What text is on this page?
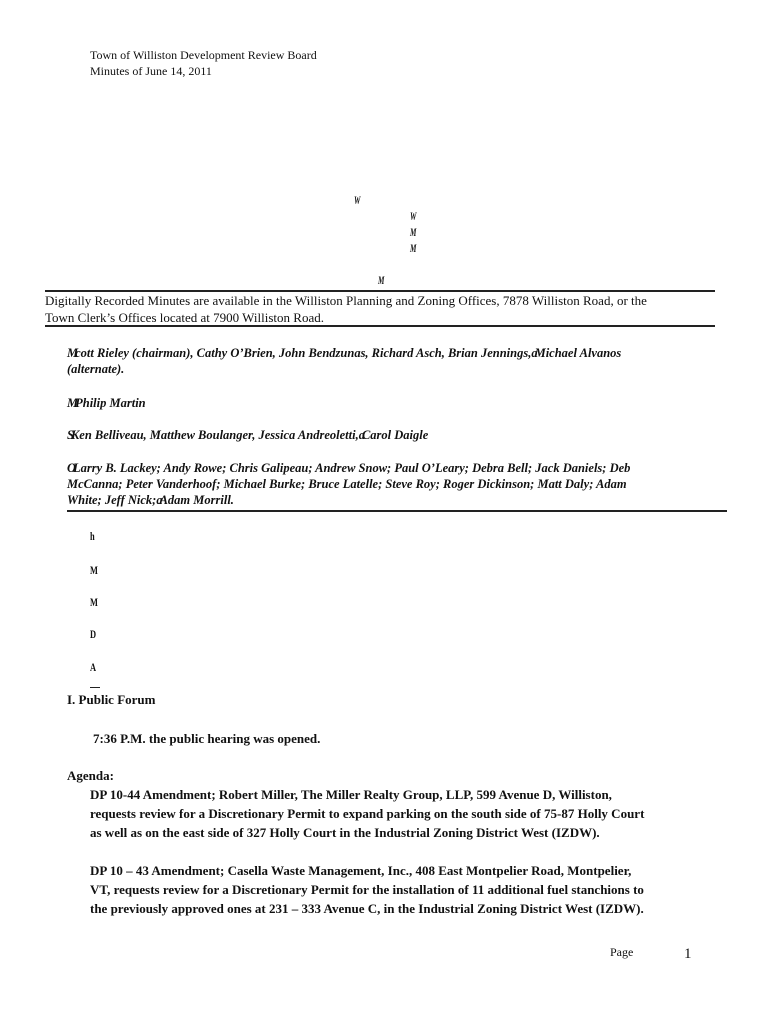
Town of Williston Development Review Board
Minutes of June 14, 2011
W
W
M
M
M
Digitally Recorded Minutes are available in the Williston Planning and Zoning Offices, 7878 Williston Road, or the
Town Clerk’s Offices located at 7900 Williston Road.
Mcott Rieley (chairman), Cathy O’Brien, John Bendzunas, Richard Asch, Brian Jennings,aMichael Alvanos
(alternate).
MPhilip Martin
SKen Belliveau, Matthew Boulanger, Jessica Andreoletti,aCarol Daigle
OLarry B. Lackey; Andy Rowe; Chris Galipeau; Andrew Snow; Paul O’Leary; Debra Bell; Jack Daniels; Deb
McCanna; Peter Vanderhoof; Michael Burke; Bruce Latelle; Steve Roy; Roger Dickinson; Matt Daly; Adam
White; Jeff Nick;aAdam Morrill.
h
M
M
D
A
I. Public Forum
7:36 P.M. the public hearing was opened.
Agenda:
DP 10-44 Amendment; Robert Miller, The Miller Realty Group, LLP, 599 Avenue D, Williston,
requests review for a Discretionary Permit to expand parking on the south side of 75-87 Holly Court
as well as on the east side of 327 Holly Court in the Industrial Zoning District West (IZDW).
DP 10 – 43 Amendment; Casella Waste Management, Inc., 408 East Montpelier Road, Montpelier,
VT, requests review for a Discretionary Permit for the installation of 11 additional fuel stanchions to
the previously approved ones at 231 – 333 Avenue C, in the Industrial Zoning District West (IZDW).
Page	1
